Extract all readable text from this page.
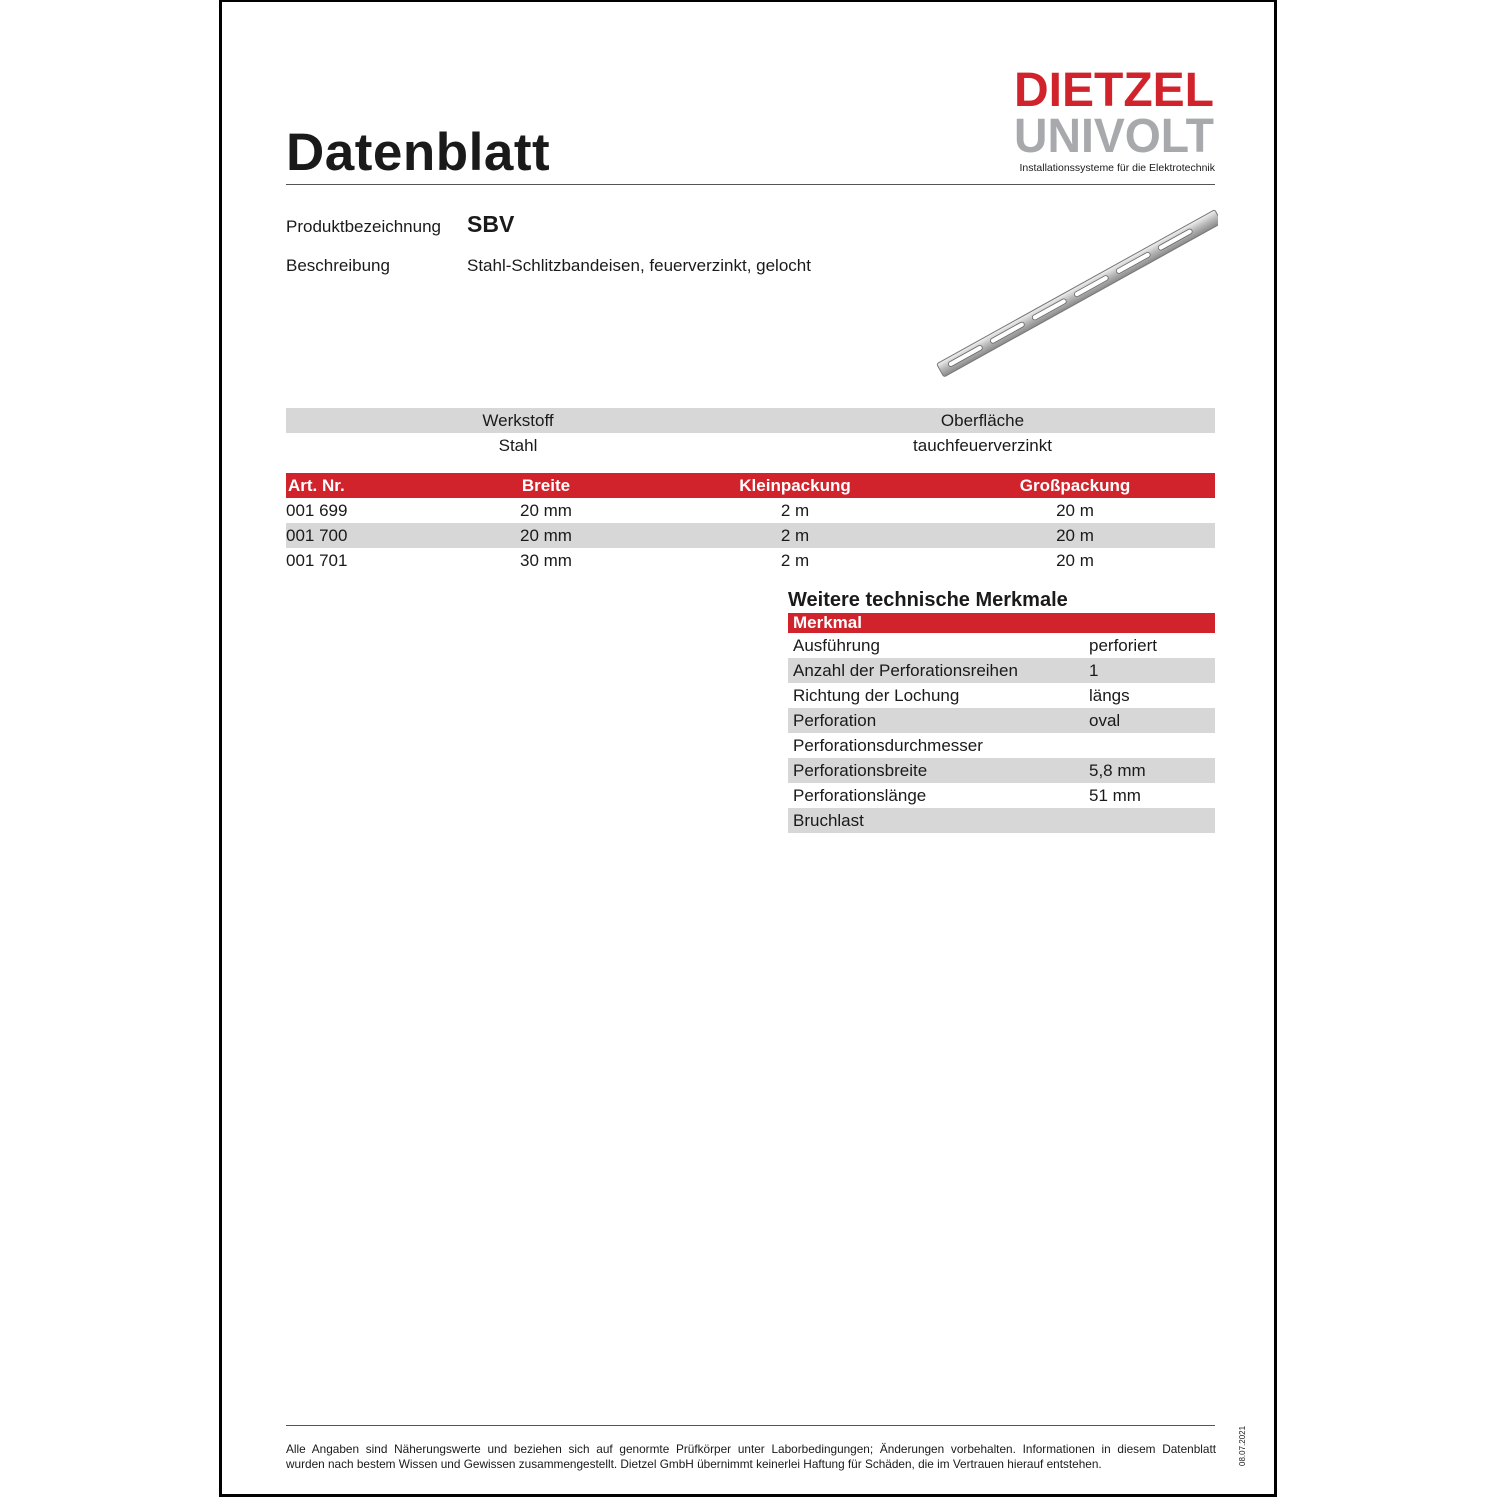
Datenblatt
DIETZEL
UNIVOLT
Installationssysteme für die Elektrotechnik
Produktbezeichnung SBV
Beschreibung	Stahl-Schlitzbandeisen, feuerverzinkt, gelocht
Werkstoff	Oberfläche
Stahl	tauchfeuerverzinkt
Art. Nr.	Breite	Kleinpackung	Großpackung
001 699	20 mm	2 m	20 m
001 700	20 mm	2 m	20 m
001 701	30 mm	2 m	20 m
Weitere technische Merkmale
Merkmal
Ausführung	perforiert
Anzahl der Perforationsreihen	1
Richtung der Lochung	längs
Perforation	oval
Perforationsdurchmesser
Perforationsbreite	5,8 mm
Perforationslänge	51 mm
Bruchlast
Alle Angaben sind Näherungswerte und beziehen sich auf genormte Prüfkörper unter Laborbedingungen; Änderungen vorbehalten. Informationen in diesem Datenblatt
wurden nach bestem Wissen und Gewissen zusammengestellt. Dietzel GmbH übernimmt keinerlei Haftung für Schäden, die im Vertrauen hierauf entstehen.	08.07.2021
